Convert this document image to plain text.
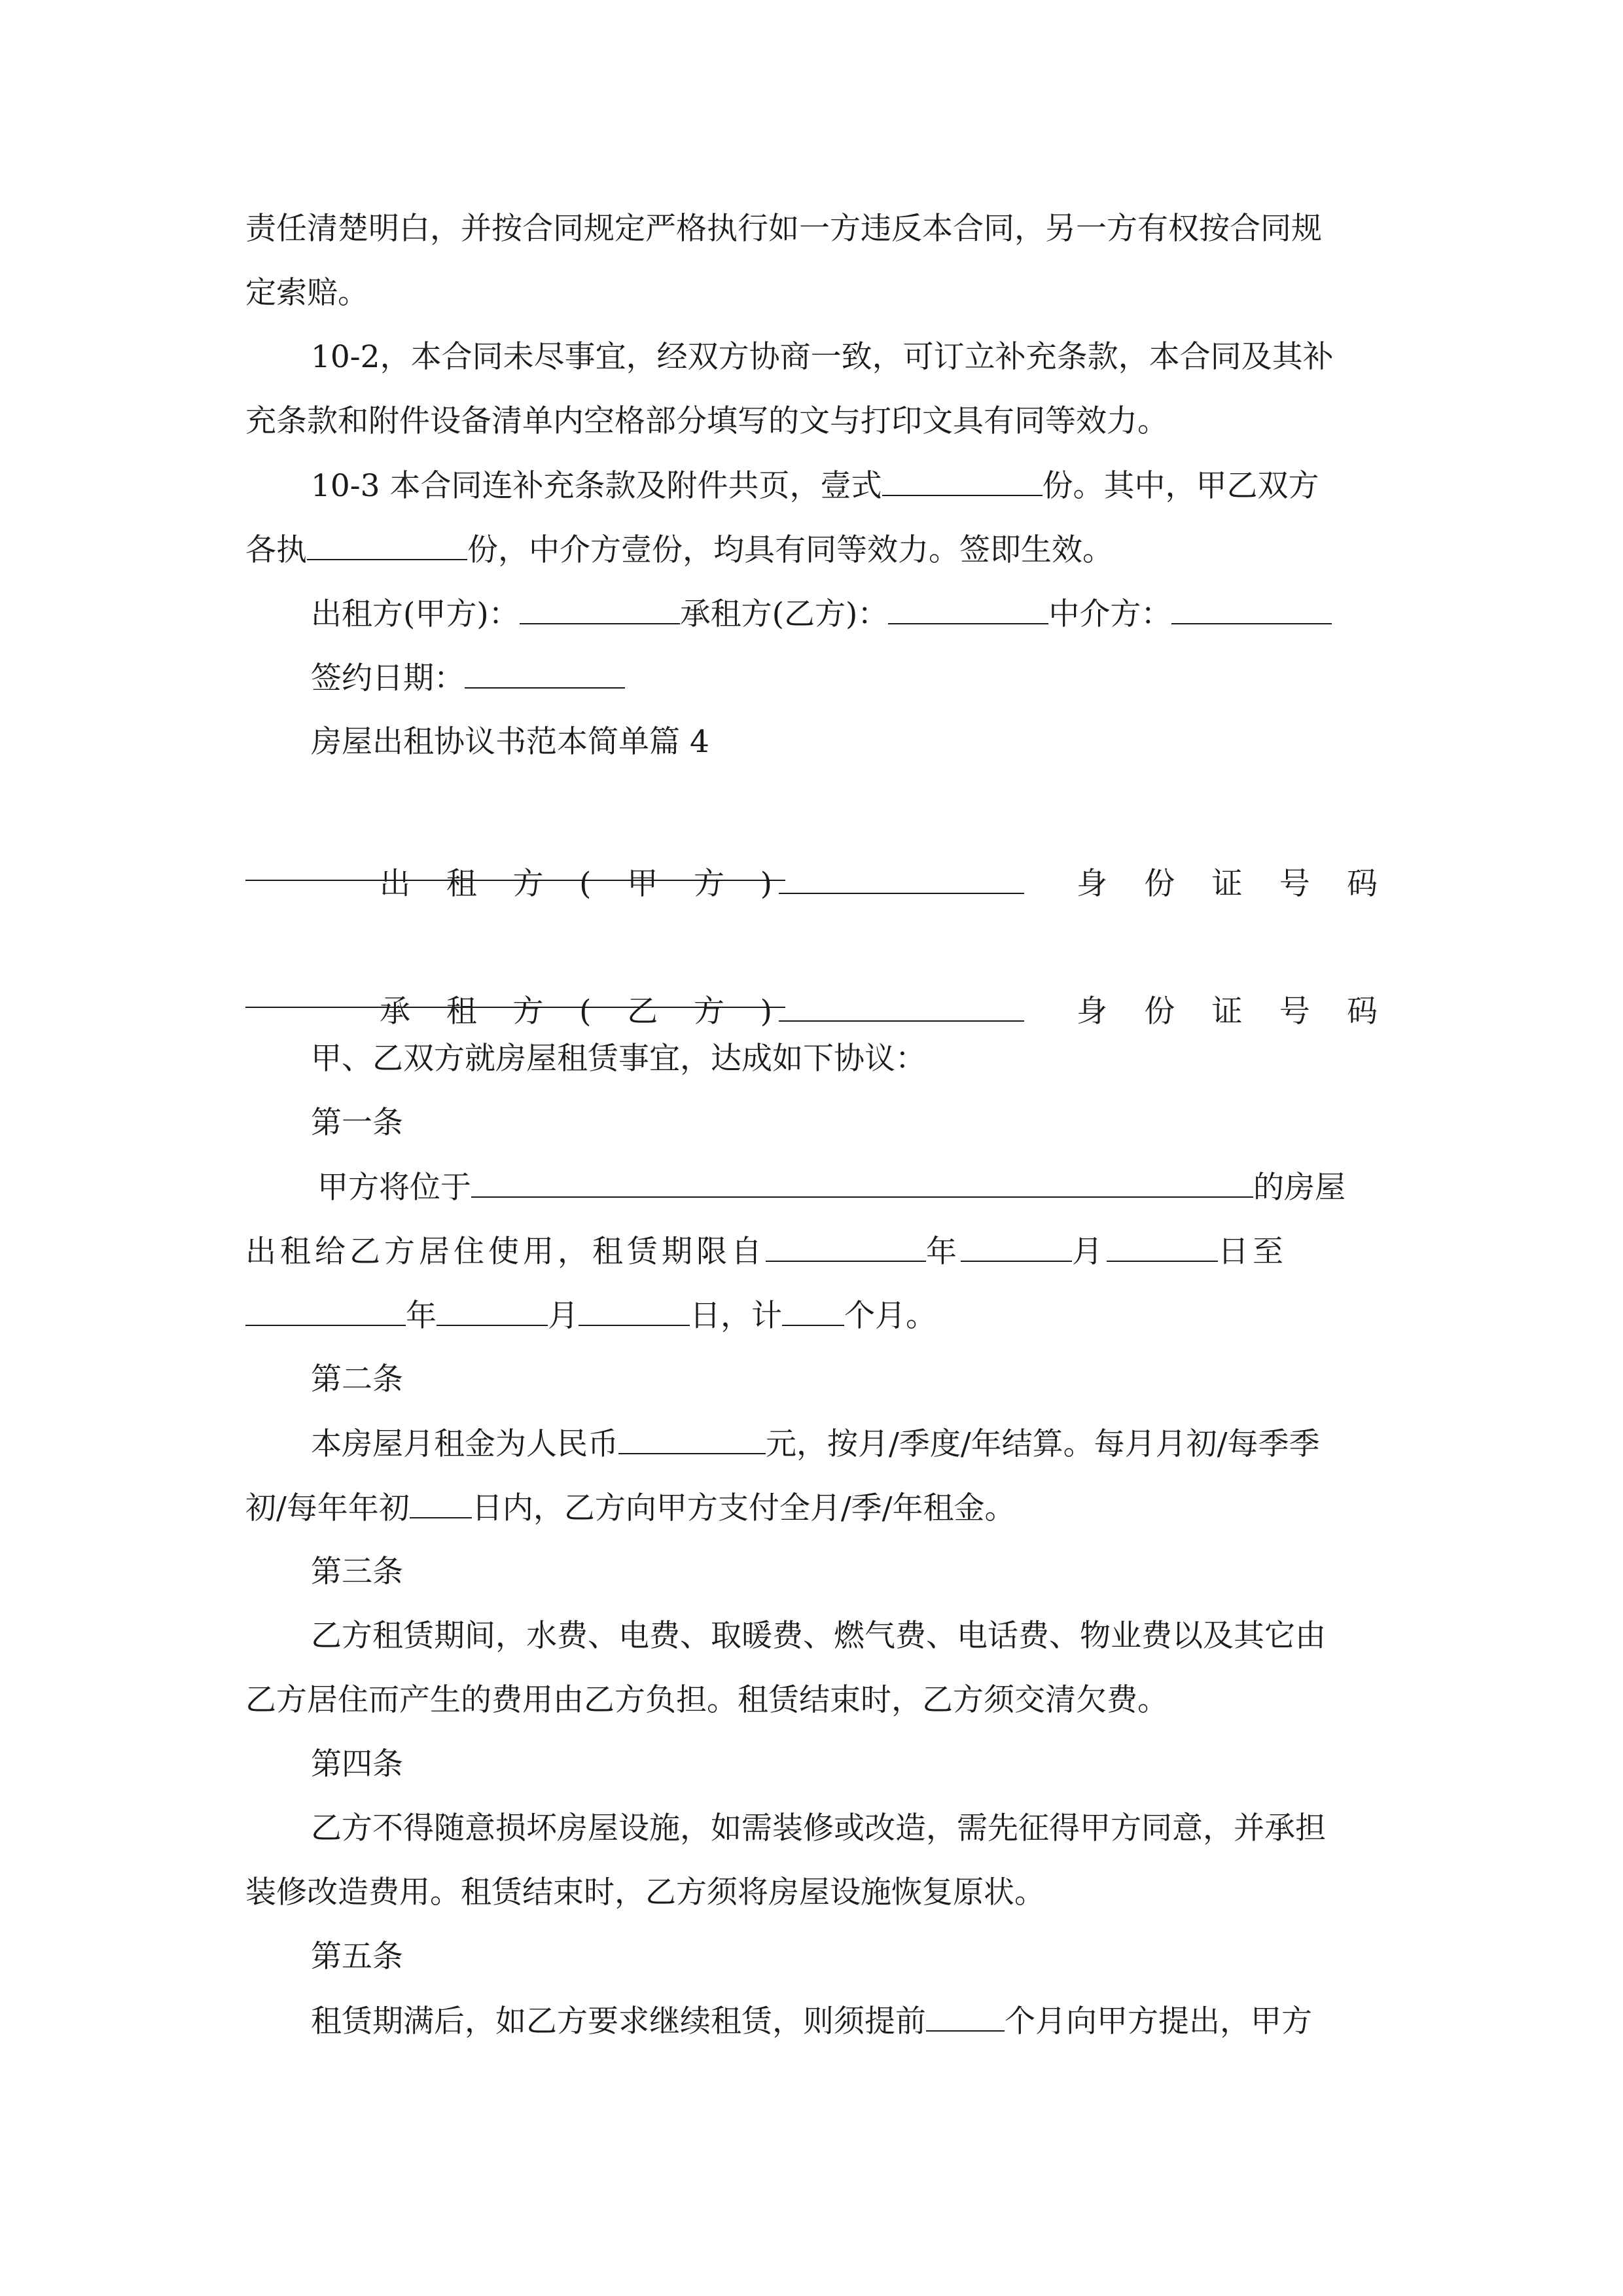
责任清楚明白，并按合同规定严格执行如一方违反本合同，另一方有权按合同规
定索赔。
10-2，本合同未尽事宜，经双方协商一致，可订立补充条款，本合同及其补
充条款和附件设备清单内空格部分填写的文与打印文具有同等效力。
10-3 本合同连补充条款及附件共页，壹式	份。其中，甲乙双方
各执	份，中介方壹份，均具有同等效力。签即生效。
出租方(甲方)：	承租方(乙方)：	中介方：
签约日期：
房屋出租协议书范本简单篇 4

出 租 方 ( 甲 方 )	身 份 证 号 码

承 租 方 ( 乙 方 )	身 份 证 号 码

甲、乙双方就房屋租赁事宜，达成如下协议：
第一条
甲方将位于	的房屋
出租给乙方居住使用，租赁期限自	年	月	日至
年	月	日，计 个月。
第二条
本房屋月租金为人民币	元，按月/季度/年结算。每月月初/每季季
初/每年年初 日内，乙方向甲方支付全月/季/年租金。
第三条
乙方租赁期间，水费、电费、取暖费、燃气费、电话费、物业费以及其它由
乙方居住而产生的费用由乙方负担。租赁结束时，乙方须交清欠费。
第四条
乙方不得随意损坏房屋设施，如需装修或改造，需先征得甲方同意，并承担
装修改造费用。租赁结束时，乙方须将房屋设施恢复原状。
第五条
租赁期满后，如乙方要求继续租赁，则须提前	个月向甲方提出，甲方
